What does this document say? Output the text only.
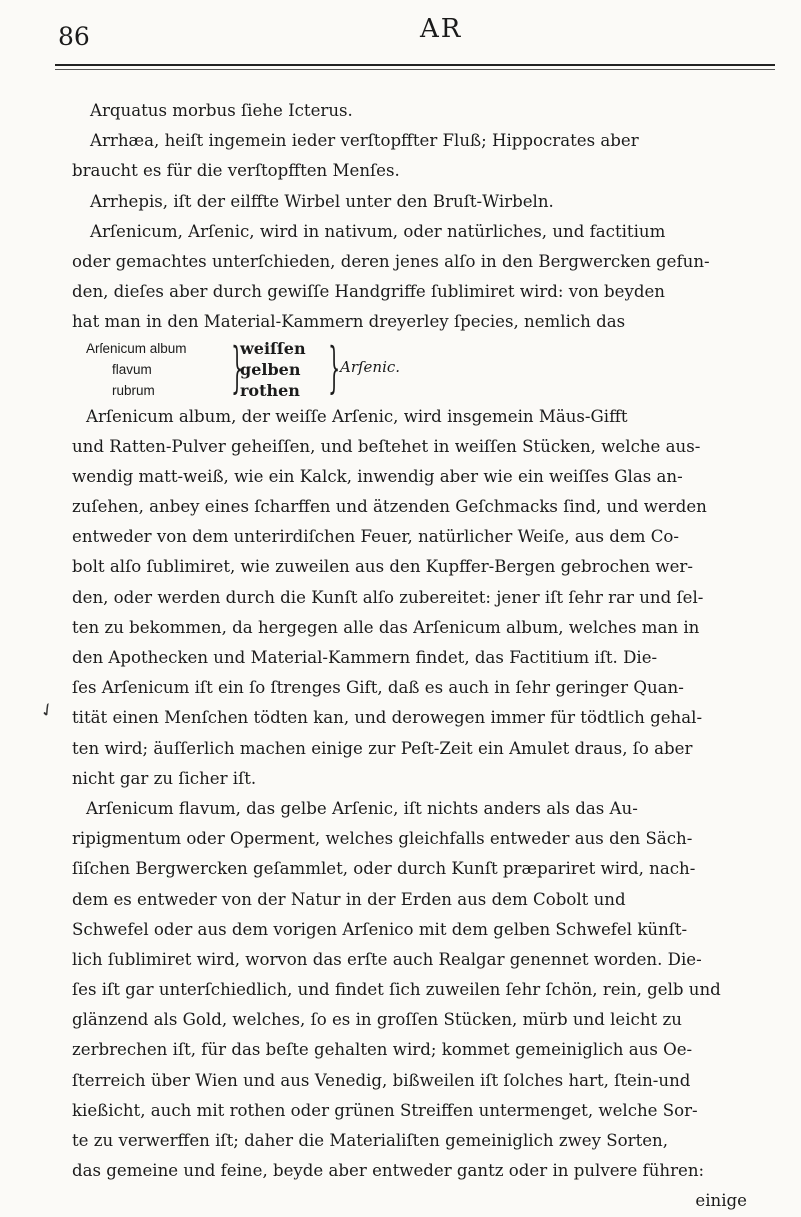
86	AR
Arquatus morbus ſiehe Icterus.
Arrhæa, heiſt ingemein ieder verſtopffter Fluß; Hippocrates aber
braucht es für die verſtopfften Menſes.
Arrhepis, iſt der eilffte Wirbel unter den Bruſt‑Wirbeln.
Arſenicum, Arſenic, wird in nativum, oder natürliches, und factitium
oder gemachtes unterſchieden, deren jenes alſo in den Bergwercken gefun‑
den, dieſes aber durch gewiſſe Handgriffe ſublimiret wird: von beyden
hat man in den Material‑Kammern dreyerley ſpecies, nemlich das
Arſenicum album
flavum
rubrum	}
weiſſen
gelben
rothen } Arſenic.
Arſenicum album, der weiſſe Arſenic, wird insgemein Mäus‑Gifft
und Ratten‑Pulver geheiſſen, und beſtehet in weiſſen Stücken, welche aus‑
wendig matt‑weiß, wie ein Kalck, inwendig aber wie ein weiſſes Glas an‑
zuſehen, anbey eines ſcharffen und ätzenden Geſchmacks ſind, und werden
entweder von dem unterirdiſchen Feuer, natürlicher Weiſe, aus dem Co‑
bolt alſo ſublimiret, wie zuweilen aus den Kupffer‑Bergen gebrochen wer‑
den, oder werden durch die Kunſt alſo zubereitet: jener iſt ſehr rar und ſel‑
ten zu bekommen, da hergegen alle das Arſenicum album, welches man in
den Apothecken und Material‑Kammern findet, das Factitium iſt. Die‑
ſes Arſenicum iſt ein ſo ſtrenges Gift, daß es auch in ſehr geringer Quan‑
tität einen Menſchen tödten kan, und derowegen immer für tödtlich gehal‑
ten wird; äuſſerlich machen einige zur Peſt‑Zeit ein Amulet draus, ſo aber
nicht gar zu ſicher iſt.
Arſenicum flavum, das gelbe Arſenic, iſt nichts anders als das Au‑
ripigmentum oder Operment, welches gleichfalls entweder aus den Säch‑
ſiſchen Bergwercken geſammlet, oder durch Kunſt præpariret wird, nach‑
dem es entweder von der Natur in der Erden aus dem Cobolt und
Schwefel oder aus dem vorigen Arſenico mit dem gelben Schwefel künſt‑
lich ſublimiret wird, worvon das erſte auch Realgar genennet worden. Die‑
ſes iſt gar unterſchiedlich, und findet ſich zuweilen ſehr ſchön, rein, gelb und
glänzend als Gold, welches, ſo es in groſſen Stücken, mürb und leicht zu
zerbrechen iſt, für das beſte gehalten wird; kommet gemeiniglich aus Oe‑
ſterreich über Wien und aus Venedig, bißweilen iſt ſolches hart, ſtein‑und
kießicht, auch mit rothen oder grünen Streiffen untermenget, welche Sor‑
te zu verwerffen iſt; daher die Materialiſten gemeiniglich zwey Sorten,
das gemeine und feine, beyde aber entweder gantz oder in pulvere führen:
einige
✓
